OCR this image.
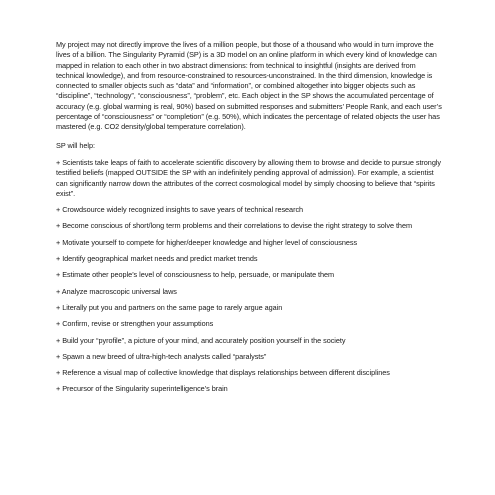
My project may not directly improve the lives of a million people, but those of a thousand who would in turn improve the lives of a billion. The Singularity Pyramid (SP) is a 3D model on an online platform in which every kind of knowledge can mapped in relation to each other in two abstract dimensions: from technical to insightful (insights are derived from technical knowledge), and from resource-constrained to resources-unconstrained. In the third dimension, knowledge is connected to smaller objects such as “data” and “information”, or combined altogether into bigger objects such as “discipline”, “technology”, “consciousness”, “problem”, etc. Each object in the SP shows the accumulated percentage of accuracy (e.g. global warming is real, 90%) based on submitted responses and submitters’ People Rank, and each user’s percentage of “consciousness” or “completion” (e.g. 50%), which indicates the percentage of related objects the user has mastered (e.g. CO2 density/global temperature correlation).

SP will help:

+ Scientists take leaps of faith to accelerate scientific discovery by allowing them to browse and decide to pursue strongly testified beliefs (mapped OUTSIDE the SP with an indefinitely pending approval of admission). For example, a scientist can significantly narrow down the attributes of the correct cosmological model by simply choosing to believe that “spirits exist”.

+ Crowdsource widely recognized insights to save years of technical research

+ Become conscious of short/long term problems and their correlations to devise the right strategy to solve them

+ Motivate yourself to compete for higher/deeper knowledge and higher level of consciousness

+ Identify geographical market needs and predict market trends

+ Estimate other people’s level of consciousness to help, persuade, or manipulate them

+ Analyze macroscopic universal laws

+ Literally put you and partners on the same page to rarely argue again

+ Confirm, revise or strengthen your assumptions

+ Build your “pyrofile”, a picture of your mind, and accurately position yourself in the society

+ Spawn a new breed of ultra-high-tech analysts called “paralysts”

+ Reference a visual map of collective knowledge that displays relationships between different disciplines

+ Precursor of the Singularity superintelligence’s brain
